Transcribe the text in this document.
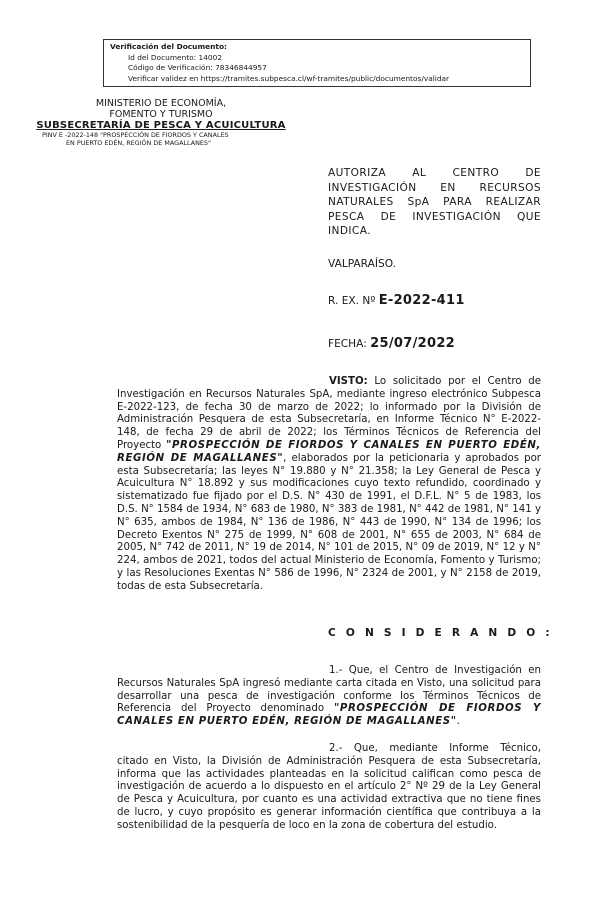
Verificación del Documento:
• Id del Documento: 14002
• Código de Verificación: 78346844957
• Verificar validez en https://tramites.subpesca.cl/wf-tramites/public/documentos/validar
MINISTERIO DE ECONOMÍA,
FOMENTO Y TURISMO
SUBSECRETARÍA DE PESCA Y ACUICULTURA
PINV E -2022-148 "PROSPECCIÓN DE FIORDOS Y CANALES
EN PUERTO EDÉN, REGIÓN DE MAGALLANES"
AUTORIZA AL CENTRO DE INVESTIGACIÓN EN RECURSOS NATURALES SpA PARA REALIZAR PESCA DE INVESTIGACIÓN QUE INDICA.
VALPARAÍSO.
R. EX. Nº E-2022-411
FECHA: 25/07/2022
VISTO: Lo solicitado por el Centro de Investigación en Recursos Naturales SpA, mediante ingreso electrónico Subpesca E-2022-123, de fecha 30 de marzo de 2022; lo informado por la División de Administración Pesquera de esta Subsecretaría, en Informe Técnico N° E-2022-148, de fecha 29 de abril de 2022; los Términos Técnicos de Referencia del Proyecto "PROSPECCIÓN DE FIORDOS Y CANALES EN PUERTO EDÉN, REGIÓN DE MAGALLANES", elaborados por la peticionaria y aprobados por esta Subsecretaría; las leyes N° 19.880 y N° 21.358; la Ley General de Pesca y Acuicultura N° 18.892 y sus modificaciones cuyo texto refundido, coordinado y sistematizado fue fijado por el D.S. N° 430 de 1991, el D.F.L. N° 5 de 1983, los D.S. N° 1584 de 1934, N° 683 de 1980, N° 383 de 1981, N° 442 de 1981, N° 141 y N° 635, ambos de 1984, N° 136 de 1986, N° 443 de 1990, N° 134 de 1996; los Decreto Exentos N° 275 de 1999, N° 608 de 2001, N° 655 de 2003, N° 684 de 2005, N° 742 de 2011, N° 19 de 2014, N° 101 de 2015, N° 09 de 2019, N° 12 y N° 224, ambos de 2021, todos del actual Ministerio de Economía, Fomento y Turismo; y las Resoluciones Exentas N° 586 de 1996, N° 2324 de 2001, y N° 2158 de 2019, todas de esta Subsecretaría.
C O N S I D E R A N D O :
1.- Que, el Centro de Investigación en Recursos Naturales SpA ingresó mediante carta citada en Visto, una solicitud para desarrollar una pesca de investigación conforme los Términos Técnicos de Referencia del Proyecto denominado "PROSPECCIÓN DE FIORDOS Y CANALES EN PUERTO EDÉN, REGIÓN DE MAGALLANES".
2.- Que, mediante Informe Técnico, citado en Visto, la División de Administración Pesquera de esta Subsecretaría, informa que las actividades planteadas en la solicitud califican como pesca de investigación de acuerdo a lo dispuesto en el artículo 2° Nº 29 de la Ley General de Pesca y Acuicultura, por cuanto es una actividad extractiva que no tiene fines de lucro, y cuyo propósito es generar información científica que contribuya a la sostenibilidad de la pesquería de loco en la zona de cobertura del estudio.
